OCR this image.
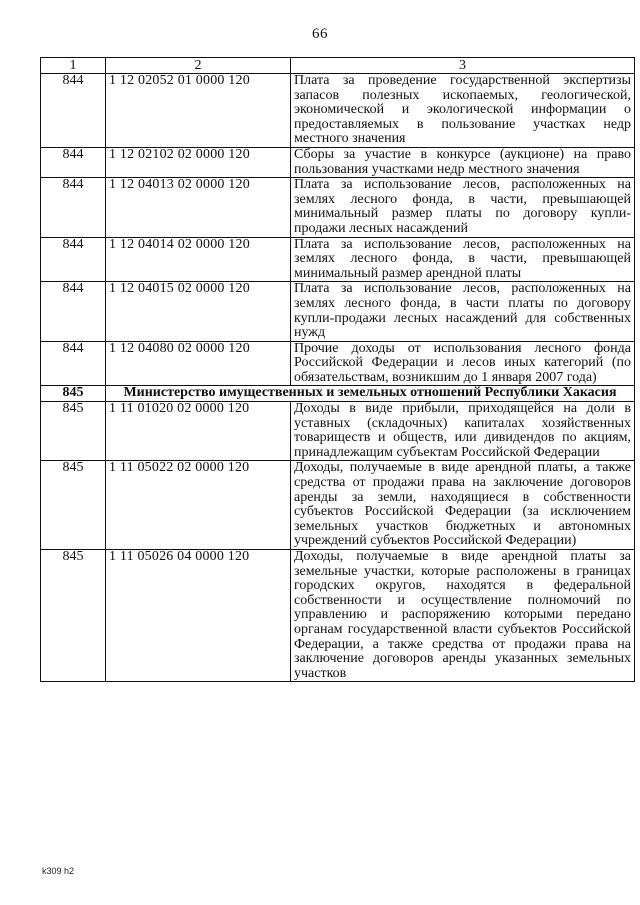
66
1	2	3
844	1 12 02052 01 0000 120	Плата за проведение государственной экспертизы запасов полезных ископаемых, геологической, экономической и экологической информации о предоставляемых в пользование участках недр местного значения
844	1 12 02102 02 0000 120	Сборы за участие в конкурсе (аукционе) на право пользования участками недр местного значения
844	1 12 04013 02 0000 120	Плата за использование лесов, расположенных на землях лесного фонда, в части, превышающей минимальный размер платы по договору купли-продажи лесных насаждений
844	1 12 04014 02 0000 120	Плата за использование лесов, расположенных на землях лесного фонда, в части, превышающей минимальный размер арендной платы
844	1 12 04015 02 0000 120	Плата за использование лесов, расположенных на землях лесного фонда, в части платы по договору купли-продажи лесных насаждений для собственных нужд
844	1 12 04080 02 0000 120	Прочие доходы от использования лесного фонда Российской Федерации и лесов иных категорий (по обязательствам, возникшим до 1 января 2007 года)
845	Министерство имущественных и земельных отношений Республики Хакасия	
845	1 11 01020 02 0000 120	Доходы в виде прибыли, приходящейся на доли в уставных (складочных) капиталах хозяйственных товариществ и обществ, или дивидендов по акциям, принадлежащим субъектам Российской Федерации
845	1 11 05022 02 0000 120	Доходы, получаемые в виде арендной платы, а также средства от продажи права на заключение договоров аренды за земли, находящиеся в собственности субъектов Российской Федерации (за исключением земельных участков бюджетных и автономных учреждений субъектов Российской Федерации)
845	1 11 05026 04 0000 120	Доходы, получаемые в виде арендной платы за земельные участки, которые расположены в границах городских округов, находятся в федеральной собственности и осуществление полномочий по управлению и распоряжению которыми передано органам государственной власти субъектов Российской Федерации, а также средства от продажи права на заключение договоров аренды указанных земельных участков
k309 h2
